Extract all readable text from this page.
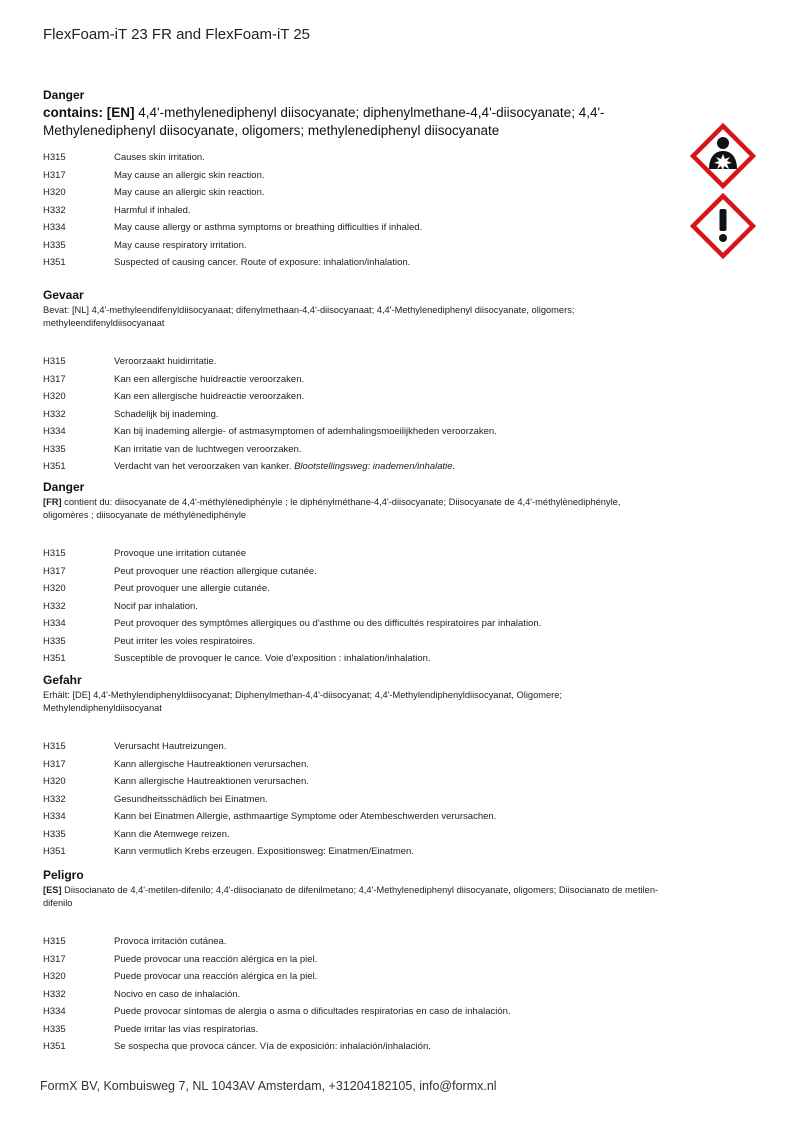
FlexFoam-iT 23 FR and FlexFoam-iT 25
Danger
contains: [EN] 4,4'-methylenediphenyl diisocyanate; diphenylmethane-4,4'-diisocyanate; 4,4'-Methylenediphenyl diisocyanate, oligomers; methylenediphenyl diisocyanate
H315	Causes skin irritation.
H317	May cause an allergic skin reaction.
H320	May cause an allergic skin reaction.
H332	Harmful if inhaled.
H334	May cause allergy or asthma symptoms or breathing difficulties if inhaled.
H335	May cause respiratory irritation.
H351	Suspected of causing cancer. Route of exposure: inhalation/inhalation.
Gevaar
Bevat: [NL] 4,4'-methyleendifenyldiisocyanaat; difenylmethaan-4,4'-diisocyanaat; 4,4'-Methylenediphenyl diisocyanate, oligomers; methyleendifenyldiisocyanaat
H315	Veroorzaakt huidirritatie.
H317	Kan een allergische huidreactie veroorzaken.
H320	Kan een allergische huidreactie veroorzaken.
H332	Schadelijk bij inademing.
H334	Kan bij inademing allergie- of astmasymptomen of ademhalingsmoeilijkheden veroorzaken.
H335	Kan irritatie van de luchtwegen veroorzaken.
H351	Verdacht van het veroorzaken van kanker. Blootstellingsweg: inademen/inhalatie.
Danger
[FR] contient du: diisocyanate de 4,4'-méthylènediphényle ; le diphénylméthane-4,4'-diisocyanate; Diisocyanate de 4,4'-méthylènediphényle, oligomères ; diisocyanate de méthylènediphényle
H315	Provoque une irritation cutanée
H317	Peut provoquer une réaction allergique cutanée.
H320	Peut provoquer une allergie cutanée.
H332	Nocif par inhalation.
H334	Peut provoquer des symptômes allergiques ou d'asthme ou des difficultés respiratoires par inhalation.
H335	Peut irriter les voies respiratoires.
H351	Susceptible de provoquer le cance. Voie d'exposition : inhalation/inhalation.
Gefahr
Erhält: [DE] 4,4'-Methylendiphenyldiisocyanat; Diphenylmethan-4,4'-diisocyanat; 4,4'-Methylendiphenyldiisocyanat, Oligomere; Methylendiphenyldiisocyanat
H315	Verursacht Hautreizungen.
H317	Kann allergische Hautreaktionen verursachen.
H320	Kann allergische Hautreaktionen verursachen.
H332	Gesundheitsschädlich bei Einatmen.
H334	Kann bei Einatmen Allergie, asthmaartige Symptome oder Atembeschwerden verursachen.
H335	Kann die Atemwege reizen.
H351	Kann vermutlich Krebs erzeugen. Expositionsweg: Einatmen/Einatmen.
Peligro
[ES] Diisocianato de 4,4'-metilen-difenilo; 4,4'-diisocianato de difenilmetano; 4,4'-Methylenediphenyl diisocyanate, oligomers; Diisocianato de metilen-difenilo
H315	Provoca irritación cutánea.
H317	Puede provocar una reacción alérgica en la piel.
H320	Puede provocar una reacción alérgica en la piel.
H332	Nocivo en caso de inhalación.
H334	Puede provocar síntomas de alergia o asma o dificultades respiratorias en caso de inhalación.
H335	Puede irritar las vías respiratorias.
H351	Se sospecha que provoca cáncer. Vía de exposición: inhalación/inhalación.
FormX BV, Kombuisweg 7, NL 1043AV Amsterdam, +31204182105, info@formx.nl
